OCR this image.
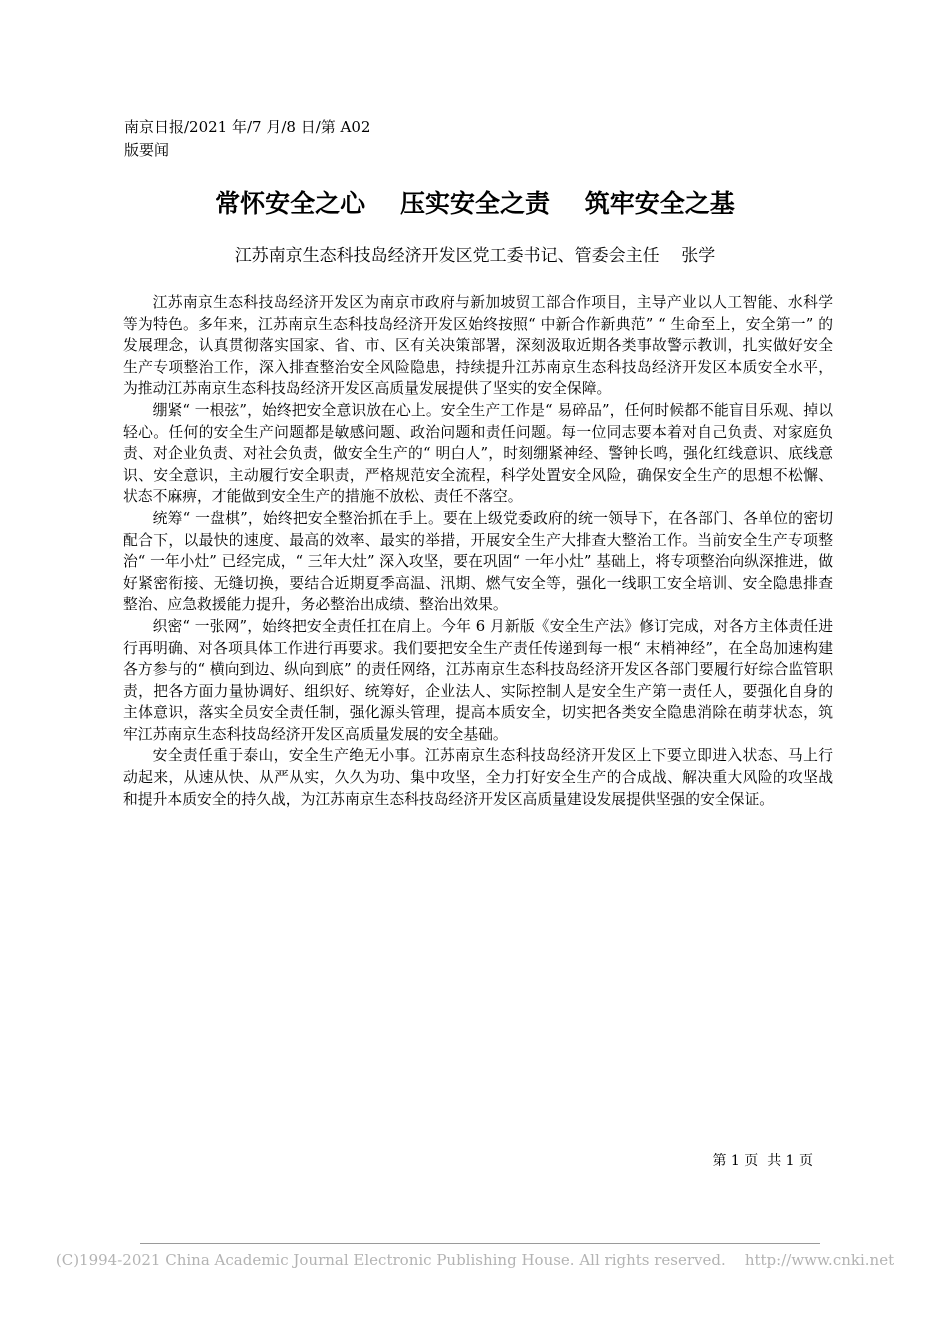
南京日报/2021 年/7 月/8 日/第 A02
版要闻
常怀安全之心    压实安全之责    筑牢安全之基
江苏南京生态科技岛经济开发区党工委书记、管委会主任    张学

江苏南京生态科技岛经济开发区为南京市政府与新加坡贸工部合作项目，主导产业以人工智能、水科学等为特色。多年来，江苏南京生态科技岛经济开发区始终按照“ 中新合作新典范” “ 生命至上，安全第一” 的发展理念，认真贯彻落实国家、省、市、区有关决策部署，深刻汲取近期各类事故警示教训，扎实做好安全生产专项整治工作，深入排查整治安全风险隐患，持续提升江苏南京生态科技岛经济开发区本质安全水平，为推动江苏南京生态科技岛经济开发区高质量发展提供了坚实的安全保障。

绷紧“ 一根弦”，始终把安全意识放在心上。安全生产工作是“ 易碎品”，任何时候都不能盲目乐观、掉以轻心。任何的安全生产问题都是敏感问题、政治问题和责任问题。每一位同志要本着对自己负责、对家庭负责、对企业负责、对社会负责，做安全生产的“ 明白人”，时刻绷紧神经、警钟长鸣，强化红线意识、底线意识、安全意识，主动履行安全职责，严格规范安全流程，科学处置安全风险，确保安全生产的思想不松懈、状态不麻痹，才能做到安全生产的措施不放松、责任不落空。

统筹“ 一盘棋”，始终把安全整治抓在手上。要在上级党委政府的统一领导下，在各部门、各单位的密切配合下，以最快的速度、最高的效率、最实的举措，开展安全生产大排查大整治工作。当前安全生产专项整治“ 一年小灶” 已经完成，“ 三年大灶” 深入攻坚，要在巩固“ 一年小灶” 基础上，将专项整治向纵深推进，做好紧密衔接、无缝切换，要结合近期夏季高温、汛期、燃气安全等，强化一线职工安全培训、安全隐患排查整治、应急救援能力提升，务必整治出成绩、整治出效果。

织密“ 一张网”，始终把安全责任扛在肩上。今年 6 月新版《安全生产法》修订完成，对各方主体责任进行再明确、对各项具体工作进行再要求。我们要把安全生产责任传递到每一根“ 末梢神经”，在全岛加速构建各方参与的“ 横向到边、纵向到底” 的责任网络，江苏南京生态科技岛经济开发区各部门要履行好综合监管职责，把各方面力量协调好、组织好、统筹好，企业法人、实际控制人是安全生产第一责任人，要强化自身的主体意识，落实全员安全责任制，强化源头管理，提高本质安全，切实把各类安全隐患消除在萌芽状态，筑牢江苏南京生态科技岛经济开发区高质量发展的安全基础。

安全责任重于泰山，安全生产绝无小事。江苏南京生态科技岛经济开发区上下要立即进入状态、马上行动起来，从速从快、从严从实，久久为功、集中攻坚，全力打好安全生产的合成战、解决重大风险的攻坚战和提升本质安全的持久战，为江苏南京生态科技岛经济开发区高质量建设发展提供坚强的安全保证。

第 1 页  共 1 页
(C)1994-2021 China Academic Journal Electronic Publishing House. All rights reserved.    http://www.cnki.net
